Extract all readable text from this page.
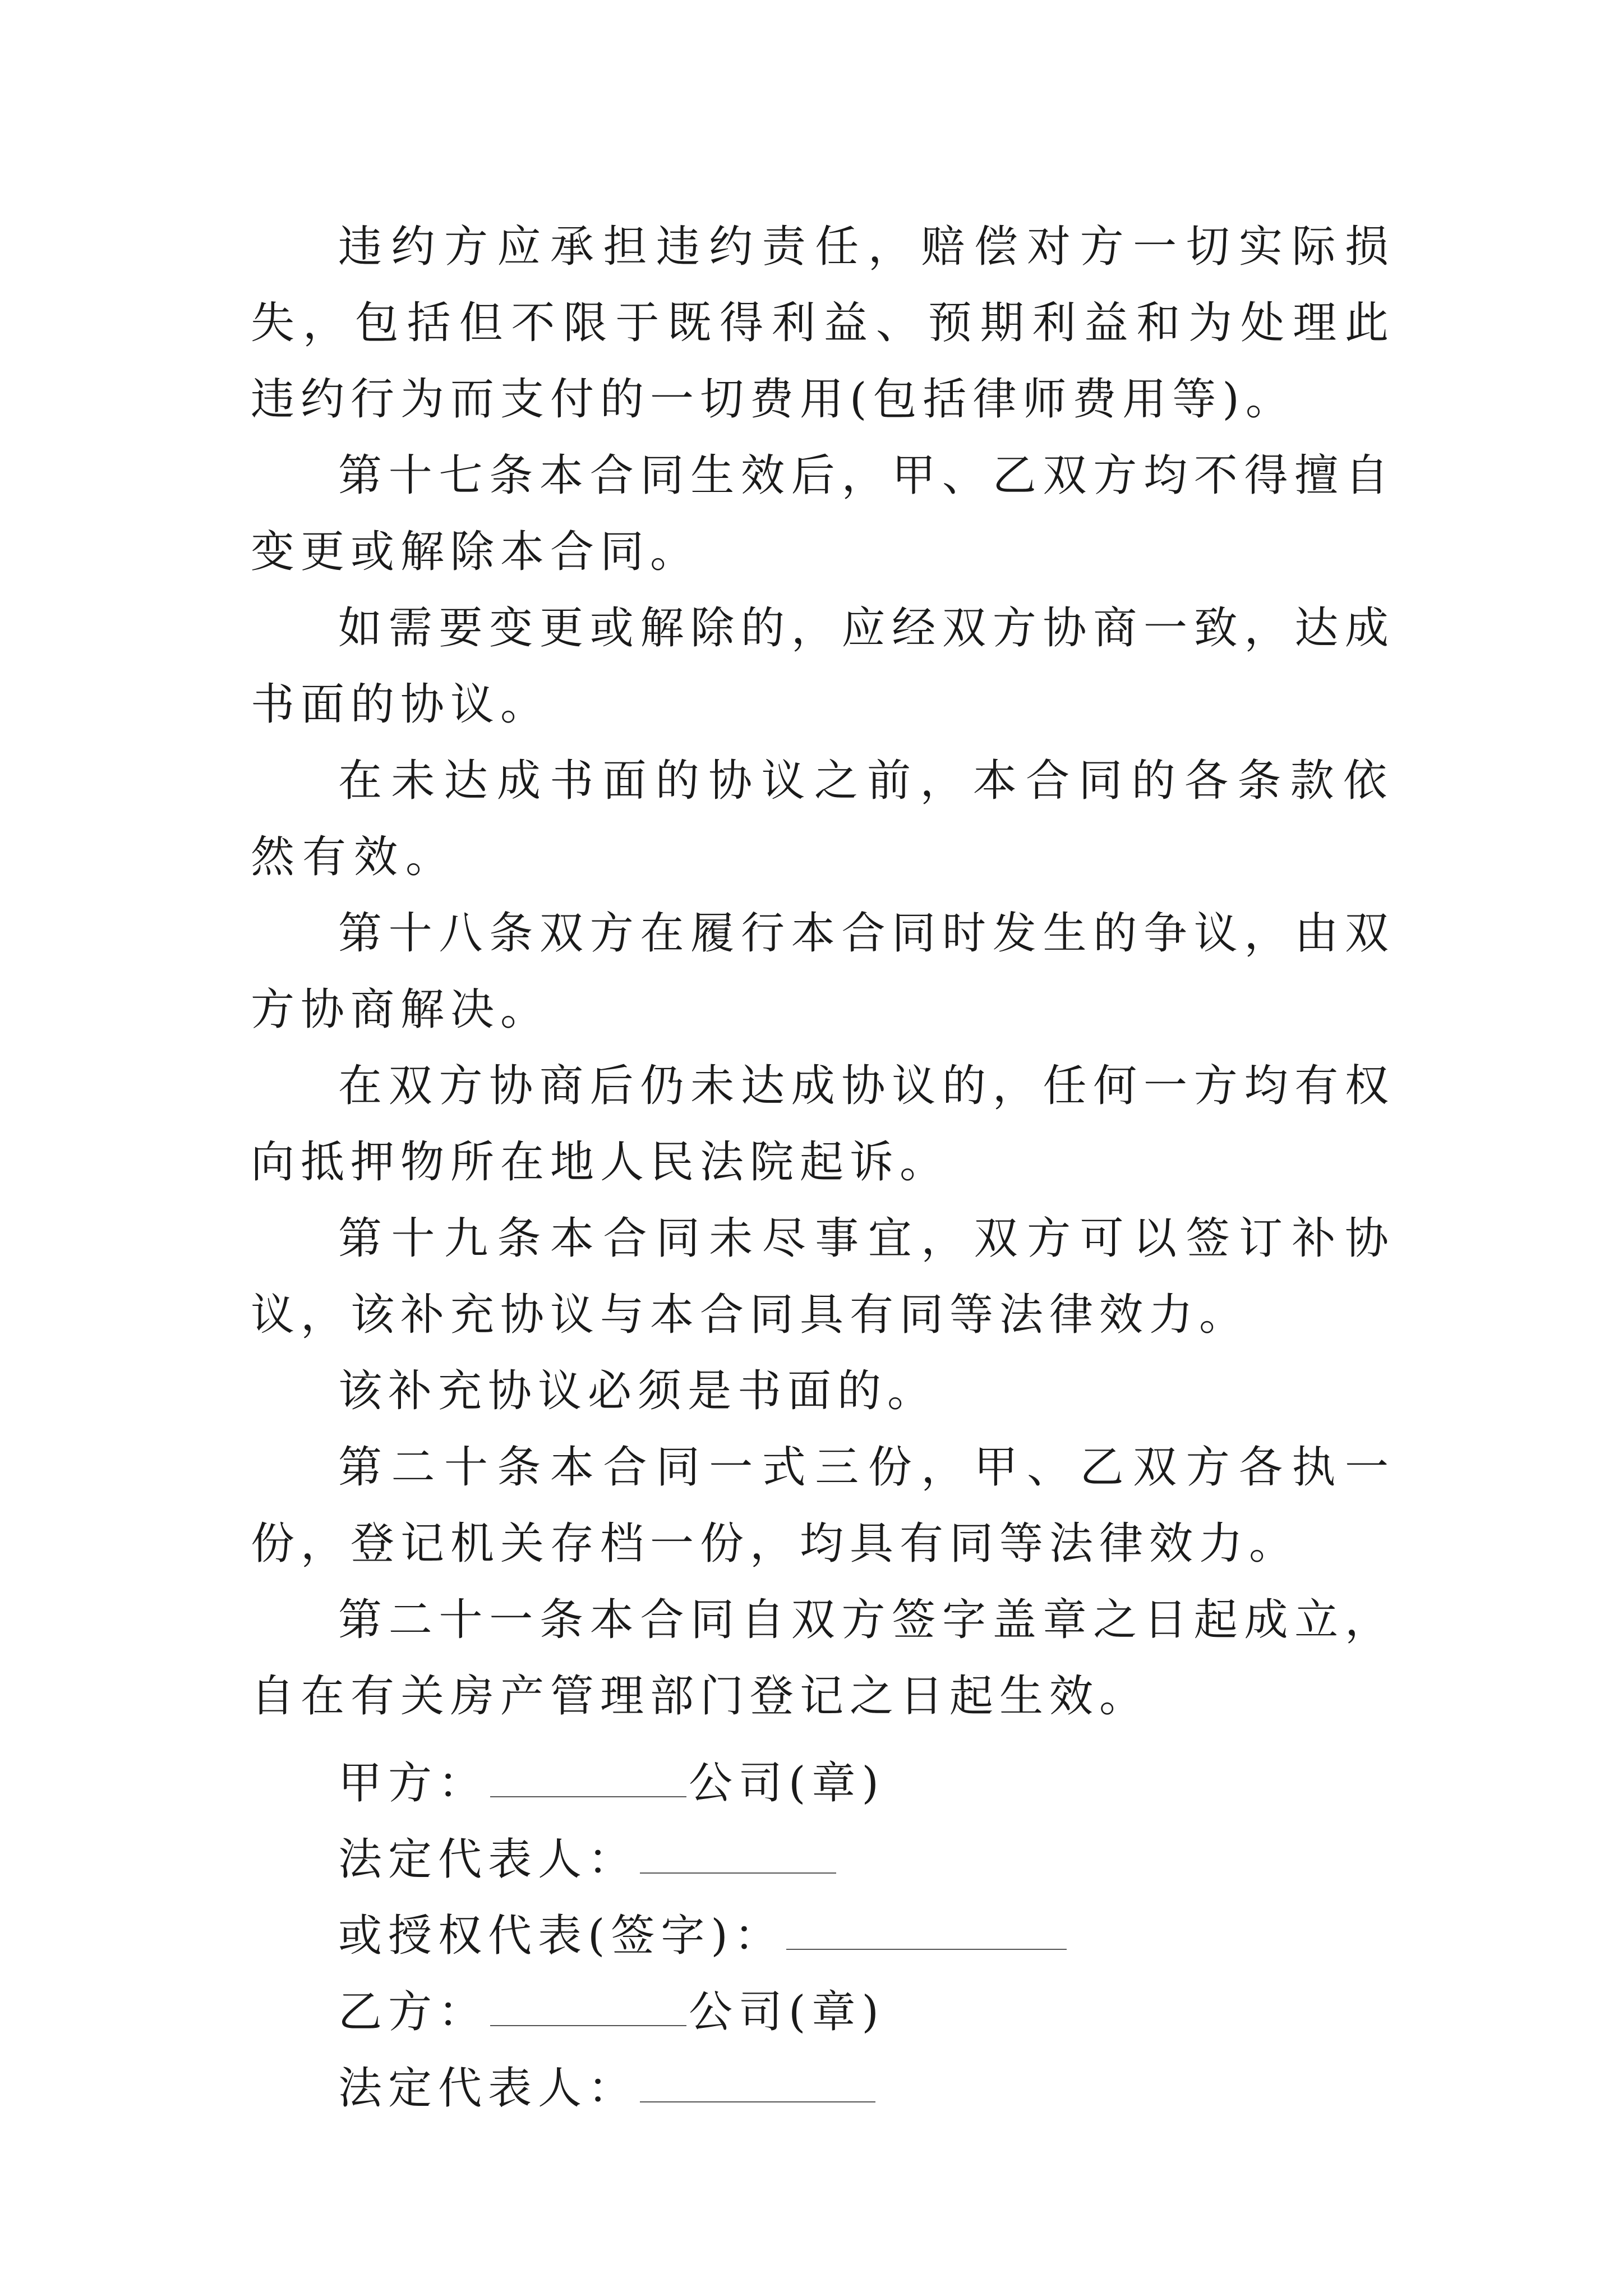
违约方应承担违约责任，赔偿对方一切实际损失，包括但不限于既得利益、预期利益和为处理此违约行为而支付的一切费用(包括律师费用等)。

第十七条本合同生效后，甲、乙双方均不得擅自变更或解除本合同。

如需要变更或解除的，应经双方协商一致，达成书面的协议。

在未达成书面的协议之前，本合同的各条款依然有效。

第十八条双方在履行本合同时发生的争议，由双方协商解决。

在双方协商后仍未达成协议的，任何一方均有权向抵押物所在地人民法院起诉。

第十九条本合同未尽事宜，双方可以签订补协议，该补充协议与本合同具有同等法律效力。

该补充协议必须是书面的。

第二十条本合同一式三份，甲、乙双方各执一份，登记机关存档一份，均具有同等法律效力。

第二十一条本合同自双方签字盖章之日起成立，自在有关房产管理部门登记之日起生效。

甲方：	公司(章)
法定代表人：
或授权代表(签字)：
乙方：	公司(章)
法定代表人：
